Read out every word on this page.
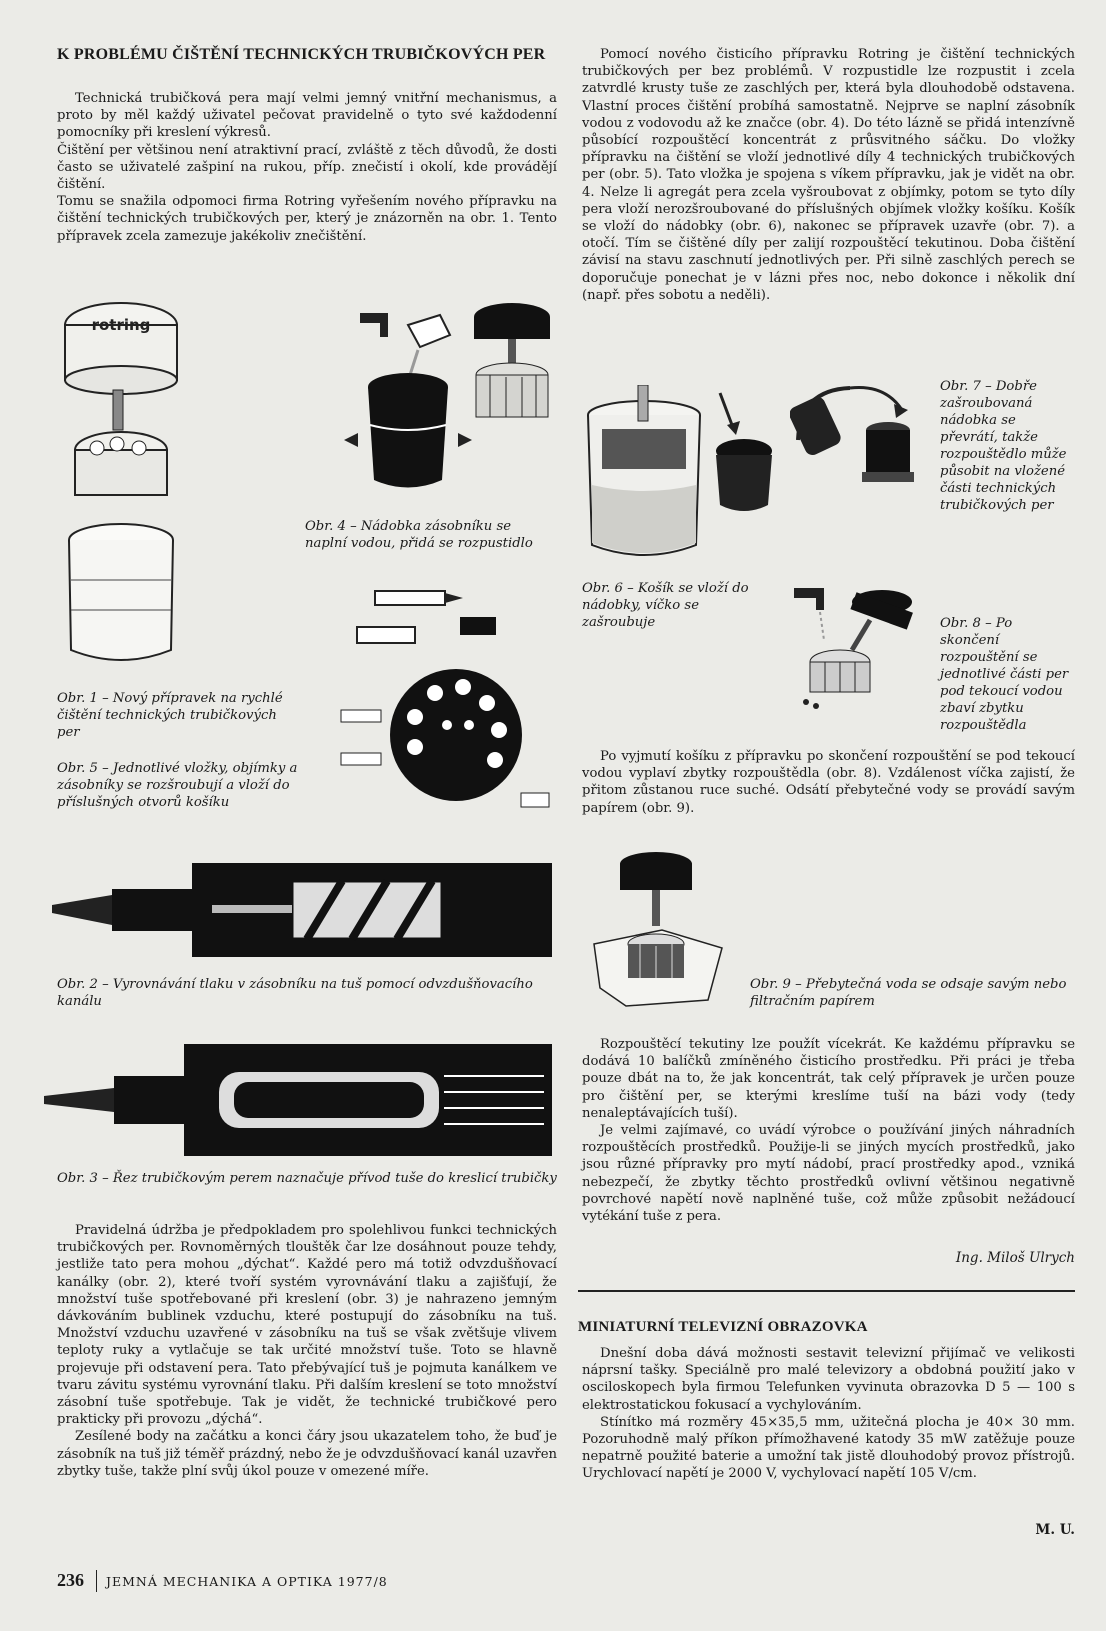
K PROBLÉMU ČIŠTĚNÍ TECHNICKÝCH TRUBIČKOVÝCH PER

Technická trubičková pera mají velmi jemný vnitřní mechanismus, a proto by měl každý uživatel pečovat pravidelně o tyto své každodenní pomocníky při kreslení výkresů.

Čištění per většinou není atraktivní prací, zvláště z těch důvodů, že dosti často se uživatelé zašpiní na rukou, příp. znečistí i okolí, kde provádějí čištění.

Tomu se snažila odpomoci firma Rotring vyřešením nového přípravku na čištění technických trubičkových per, který je znázorněn na obr. 1. Tento přípravek zcela zamezuje jakékoliv znečištění.

rotring
Obr. 1 – Nový přípravek na rychlé čištění technických trubičkových per
Obr. 5 – Jednotlivé vložky, objímky a zásobníky se rozšroubují a vloží do příslušných otvorů košíku
Obr. 4 – Nádobka zásobníku se naplní vodou, přidá se rozpustidlo
Obr. 2 – Vyrovnávání tlaku v zásobníku na tuš pomocí odvzdušňovacího kanálu
Obr. 3 – Řez trubičkovým perem naznačuje přívod tuše do kreslicí trubičky

Pravidelná údržba je předpokladem pro spolehlivou funkci technických trubičkových per. Rovnoměrných tlouštěk čar lze dosáhnout pouze tehdy, jestliže tato pera mohou „dýchat“. Každé pero má totiž odvzdušňovací kanálky (obr. 2), které tvoří systém vyrovnávání tlaku a zajišťují, že množství tuše spotřebované při kreslení (obr. 3) je nahrazeno jemným dávkováním bublinek vzduchu, které postupují do zásobníku na tuš. Množství vzduchu uzavřené v zásobníku na tuš se však zvětšuje vlivem teploty ruky a vytlačuje se tak určité množství tuše. Toto se hlavně projevuje při odstavení pera. Tato přebývající tuš je pojmuta kanálkem ve tvaru závitu systému vyrovnání tlaku. Při dalším kreslení se toto množství zásobní tuše spotřebuje. Tak je vidět, že technické trubičkové pero prakticky při provozu „dýchá“.

Zesílené body na začátku a konci čáry jsou ukazatelem toho, že buď je zásobník na tuš již téměř prázdný, nebo že je odvzdušňovací kanál uzavřen zbytky tuše, takže plní svůj úkol pouze v omezené míře.

Pomocí nového čisticího přípravku Rotring je čištění technických trubičkových per bez problémů. V rozpustidle lze rozpustit i zcela zatvrdlé krusty tuše ze zaschlých per, která byla dlouhodobě odstavena. Vlastní proces čištění probíhá samostatně. Nejprve se naplní zásobník vodou z vodovodu až ke značce (obr. 4). Do této lázně se přidá intenzívně působící rozpouštěcí koncentrát z průsvitného sáčku. Do vložky přípravku na čištění se vloží jednotlivé díly 4 technických trubičkových per (obr. 5). Tato vložka je spojena s víkem přípravku, jak je vidět na obr. 4. Nelze li agregát pera zcela vyšroubovat z objímky, potom se tyto díly pera vloží nerozšroubované do příslušných objímek vložky košíku. Košík se vloží do nádobky (obr. 6), nakonec se přípravek uzavře (obr. 7). a otočí. Tím se čištěné díly per zalijí rozpouštěcí tekutinou. Doba čištění závisí na stavu zaschnutí jednotlivých per. Při silně zaschlých perech se doporučuje ponechat je v lázni přes noc, nebo dokonce i několik dní (např. přes sobotu a neděli).

Obr. 6 – Košík se vloží do nádobky, víčko se zašroubuje
Obr. 7 – Dobře zašroubovaná nádobka se převrátí, takže rozpouštědlo může působit na vložené části technických trubičkových per
Obr. 8 – Po skončení rozpouštění se jednotlivé části per pod tekoucí vodou zbaví zbytku rozpouštědla

Po vyjmutí košíku z přípravku po skončení rozpouštění se pod tekoucí vodou vyplaví zbytky rozpouštědla (obr. 8). Vzdálenost víčka zajistí, že přitom zůstanou ruce suché. Odsátí přebytečné vody se provádí savým papírem (obr. 9).

Obr. 9 – Přebytečná voda se odsaje savým nebo filtračním papírem

Rozpouštěcí tekutiny lze použít vícekrát. Ke každému přípravku se dodává 10 balíčků zmíněného čisticího prostředku. Při práci je třeba pouze dbát na to, že jak koncentrát, tak celý přípravek je určen pouze pro čištění per, se kterými kreslíme tuší na bázi vody (tedy nenaleptávajících tuší).

Je velmi zajímavé, co uvádí výrobce o používání jiných náhradních rozpouštěcích prostředků. Použije-li se jiných mycích prostředků, jako jsou různé přípravky pro mytí nádobí, prací prostředky apod., vzniká nebezpečí, že zbytky těchto prostředků ovlivní většinou negativně povrchové napětí nově naplněné tuše, což může způsobit nežádoucí vytékání tuše z pera.

Ing. Miloš Ulrych
MINIATURNÍ TELEVIZNÍ OBRAZOVKA

Dnešní doba dává možnosti sestavit televizní přijímač ve velikosti náprsní tašky. Speciálně pro malé televizory a obdobná použití jako v osciloskopech byla firmou Telefunken vyvinuta obrazovka D 5 — 100 s elektrostatickou fokusací a vychylováním.

Stínítko má rozměry 45×35,5 mm, užitečná plocha je 40× 30 mm. Pozoruhodně malý příkon přímožhavené katody 35 mW zatěžuje pouze nepatrně použité baterie a umožní tak jistě dlouhodobý provoz přístrojů. Urychlovací napětí je 2000 V, vychylovací napětí 105 V/cm.

M. U.
236 JEMNÁ MECHANIKA A OPTIKA 1977/8
